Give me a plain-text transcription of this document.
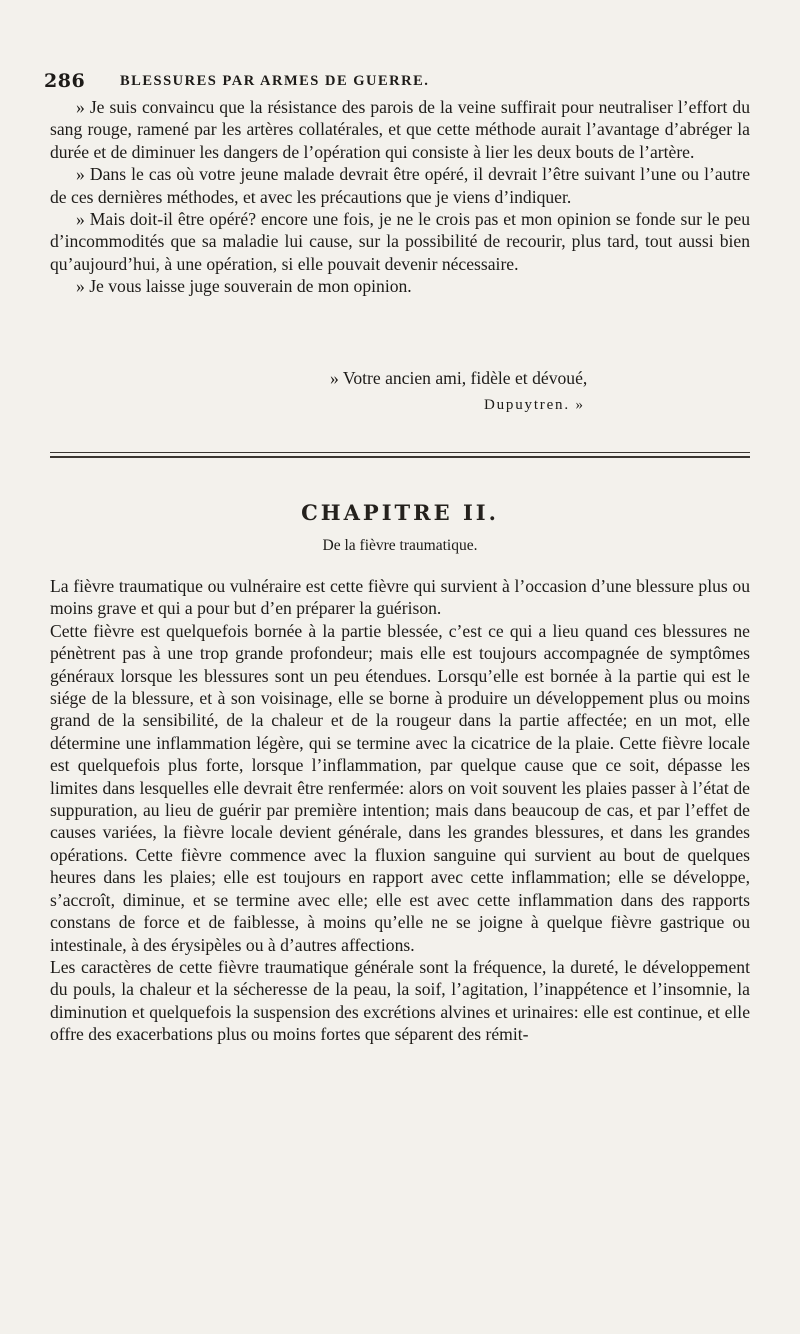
286 BLESSURES PAR ARMES DE GUERRE.

» Je suis convaincu que la résistance des parois de la veine suffirait pour neutraliser l’effort du sang rouge, ramené par les artères collatérales, et que cette méthode aurait l’avantage d’abréger la durée et de diminuer les dangers de l’opération qui consiste à lier les deux bouts de l’artère.

» Dans le cas où votre jeune malade devrait être opéré, il devrait l’être suivant l’une ou l’autre de ces dernières méthodes, et avec les précautions que je viens d’indiquer.

» Mais doit-il être opéré? encore une fois, je ne le crois pas et mon opinion se fonde sur le peu d’incommodités que sa maladie lui cause, sur la possibilité de recourir, plus tard, tout aussi bien qu’aujourd’hui, à une opération, si elle pouvait devenir nécessaire.

» Je vous laisse juge souverain de mon opinion.

» Votre ancien ami, fidèle et dévoué,
Dupuytren. »
CHAPITRE II.
De la fièvre traumatique.

La fièvre traumatique ou vulnéraire est cette fièvre qui survient à l’occasion d’une blessure plus ou moins grave et qui a pour but d’en préparer la guérison.

Cette fièvre est quelquefois bornée à la partie blessée, c’est ce qui a lieu quand ces blessures ne pénètrent pas à une trop grande profondeur; mais elle est toujours accompagnée de symptômes généraux lorsque les blessures sont un peu étendues. Lorsqu’elle est bornée à la partie qui est le siége de la blessure, et à son voisinage, elle se borne à produire un développement plus ou moins grand de la sensibilité, de la chaleur et de la rougeur dans la partie affectée; en un mot, elle détermine une inflammation légère, qui se termine avec la cicatrice de la plaie. Cette fièvre locale est quelquefois plus forte, lorsque l’inflammation, par quelque cause que ce soit, dépasse les limites dans lesquelles elle devrait être renfermée: alors on voit souvent les plaies passer à l’état de suppuration, au lieu de guérir par première intention; mais dans beaucoup de cas, et par l’effet de causes variées, la fièvre locale devient générale, dans les grandes blessures, et dans les grandes opérations. Cette fièvre commence avec la fluxion sanguine qui survient au bout de quelques heures dans les plaies; elle est toujours en rapport avec cette inflammation; elle se développe, s’accroît, diminue, et se termine avec elle; elle est avec cette inflammation dans des rapports constans de force et de faiblesse, à moins qu’elle ne se joigne à quelque fièvre gastrique ou intestinale, à des érysipèles ou à d’autres affections.

Les caractères de cette fièvre traumatique générale sont la fréquence, la dureté, le développement du pouls, la chaleur et la sécheresse de la peau, la soif, l’agitation, l’inappétence et l’insomnie, la diminution et quelquefois la suspension des excrétions alvines et urinaires: elle est continue, et elle offre des exacerbations plus ou moins fortes que séparent des rémit-
